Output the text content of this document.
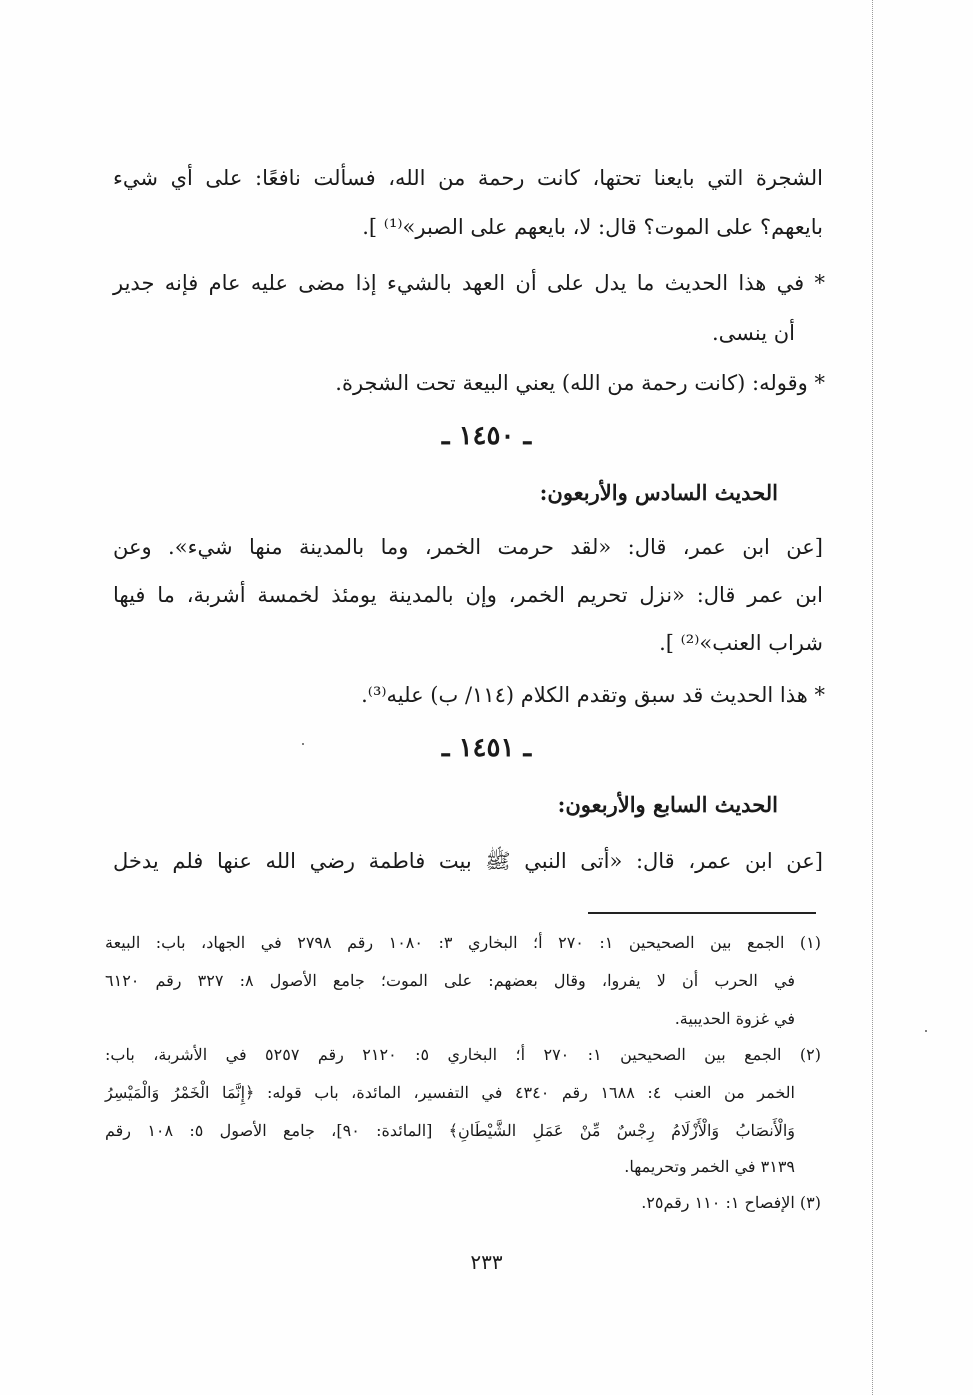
الشجرة التي بايعنا تحتها، كانت رحمة من الله، فسألت نافعًا: على أي شيء
بايعهم؟ على الموت؟ قال: لا، بايعهم على الصبر»⁽¹⁾ ].
* في هذا الحديث ما يدل على أن العهد بالشيء إذا مضى عليه عام فإنه جدير
أن ينسى.
* وقوله: (كانت رحمة من الله) يعني البيعة تحت الشجرة.
ـ ١٤٥٠ ـ
الحديث السادس والأربعون:
[عن ابن عمر، قال: «لقد حرمت الخمر، وما بالمدينة منها شيء». وعن
ابن عمر قال: «نزل تحريم الخمر، وإن بالمدينة يومئذ لخمسة أشربة، ما فيها
شراب العنب»⁽²⁾ ].
* هذا الحديث قد سبق وتقدم الكلام (١١٤/ ب) عليه⁽³⁾.
ـ ١٤٥١ ـ
الحديث السابع والأربعون:
[عن ابن عمر، قال: «أتى النبي ﷺ بيت فاطمة رضي الله عنها فلم يدخل
(١) الجمع بين الصحيحين ١: ٢٧٠ أ؛ البخاري ٣: ١٠٨٠ رقم ٢٧٩٨ في الجهاد، باب: البيعة
في الحرب أن لا يفروا، وقال بعضهم: على الموت؛ جامع الأصول ٨: ٣٢٧ رقم ٦١٢٠
في غزوة الحديبية.
(٢) الجمع بين الصحيحين ١: ٢٧٠ أ؛ البخاري ٥: ٢١٢٠ رقم ٥٢٥٧ في الأشربة، باب:
الخمر من العنب ٤: ١٦٨٨ رقم ٤٣٤٠ في التفسير، المائدة، باب قوله: ﴿إِنَّمَا الْخَمْرُ وَالْمَيْسِرُ
وَالْأَنصَابُ وَالْأَزْلَامُ رِجْسٌ مِّنْ عَمَلِ الشَّيْطَانِ﴾ [المائدة: ٩٠]، جامع الأصول ٥: ١٠٨ رقم
٣١٣٩ في الخمر وتحريمها.
(٣) الإفصاح ١: ١١٠ رقم٢٥.
٢٣٣
